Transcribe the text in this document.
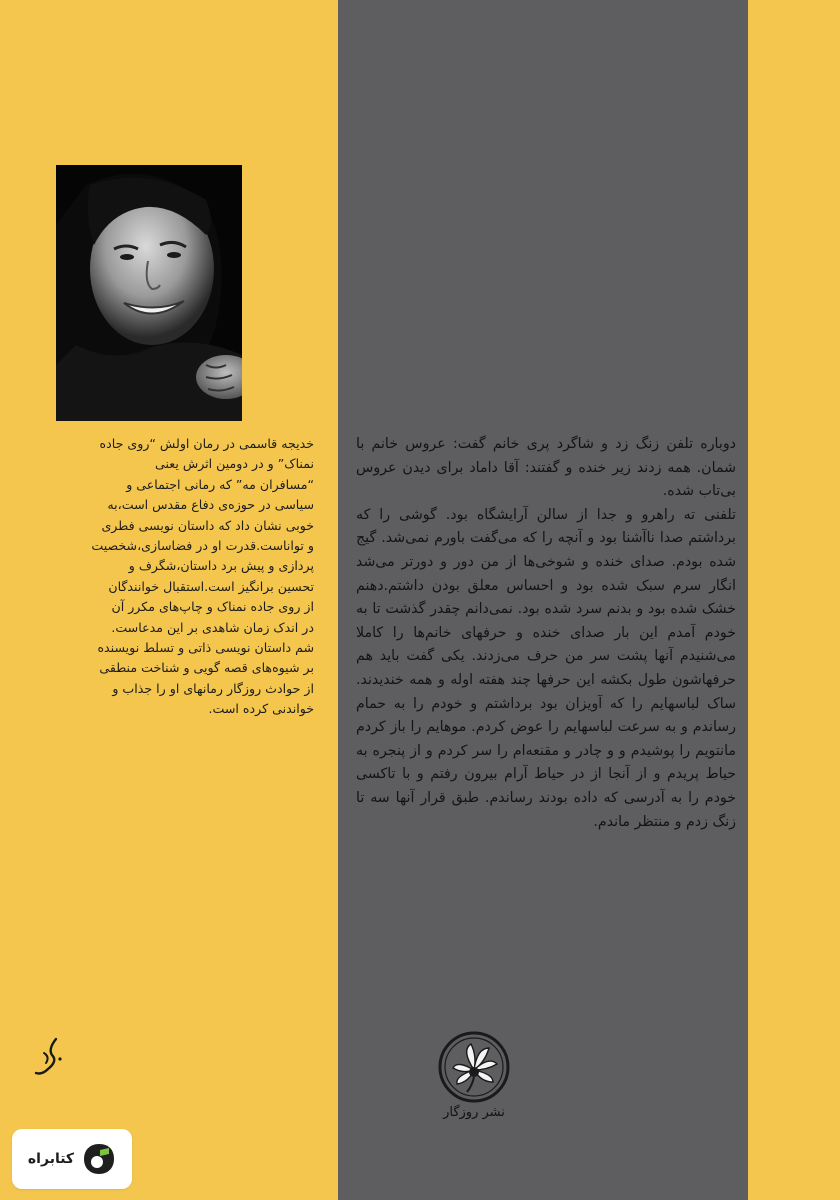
خدیجه قاسمی در رمان اولش “روی جاده
نمناک” و در دومین اثرش یعنی
“مسافران مه” که رمانی اجتماعی و
سیاسی در حوزه‌ی دفاع مقدس است،به
خوبی نشان داد که داستان نویسی فطری
و تواناست.قدرت او در فضاسازی،شخصیت
پردازی و پیش برد داستان،شگرف و
تحسین برانگیز است.استقبال خوانندگان
از روی جاده نمناک و چاپ‌های مکرر آن
در اندک زمان شاهدی بر این مدعاست.
شم داستان نویسی ذاتی و تسلط نویسنده
بر شیوه‌های قصه گویی و شناخت منطقی
از حوادث روزگار رمانهای او را جذاب و
خواندنی کرده است.

دوباره تلفن زنگ زد و شاگرد پری خانم گفت: عروس خانم با شمان. همه زدند زیر خنده و گفتند: آقا داماد برای دیدن عروس بی‌تاب شده.

تلفنی ته راهرو و جدا از سالن آرایشگاه بود. گوشی را که برداشتم صدا ناآشنا بود و آنچه را که می‌گفت باورم نمی‌شد. گیج شده بودم. صدای خنده و شوخی‌ها از من دور و دورتر می‌شد انگار سرم سبک شده بود و احساس معلق بودن داشتم.دهنم خشک شده بود و بدنم سرد شده بود. نمی‌دانم چقدر گذشت تا به خودم آمدم این بار صدای خنده و حرفهای خانم‌ها را کاملا می‌شنیدم آنها پشت سر من حرف می‌زدند. یکی گفت باید هم حرفهاشون طول بکشه این حرفها چند هفته اوله و همه خندیدند. ساک لباسهایم را که آویزان بود برداشتم و خودم را به حمام رساندم و به سرعت لباسهایم را عوض کردم. موهایم را باز کردم مانتویم را پوشیدم و و چادر و مقنعه‌ام را سر کردم و از پنجره به حیاط پریدم و از آنجا از در حیاط آرام بیرون رفتم و با تاکسی خودم را به آدرسی که داده بودند رساندم. طبق قرار آنها سه تا زنگ زدم و منتظر ماندم.

نشر روزگار
کتابراه
